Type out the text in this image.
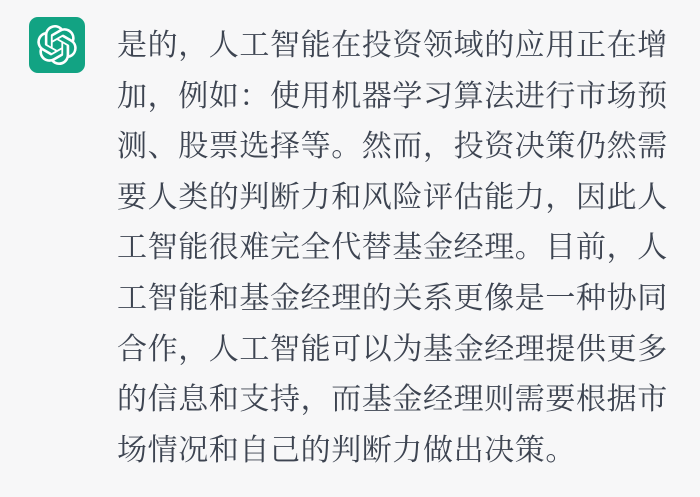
是的，人工智能在投资领域的应用正在增
加，例如：使用机器学习算法进行市场预
测、股票选择等。然而，投资决策仍然需
要人类的判断力和风险评估能力，因此人
工智能很难完全代替基金经理。目前，人
工智能和基金经理的关系更像是一种协同
合作，人工智能可以为基金经理提供更多
的信息和支持，而基金经理则需要根据市
场情况和自己的判断力做出决策。
